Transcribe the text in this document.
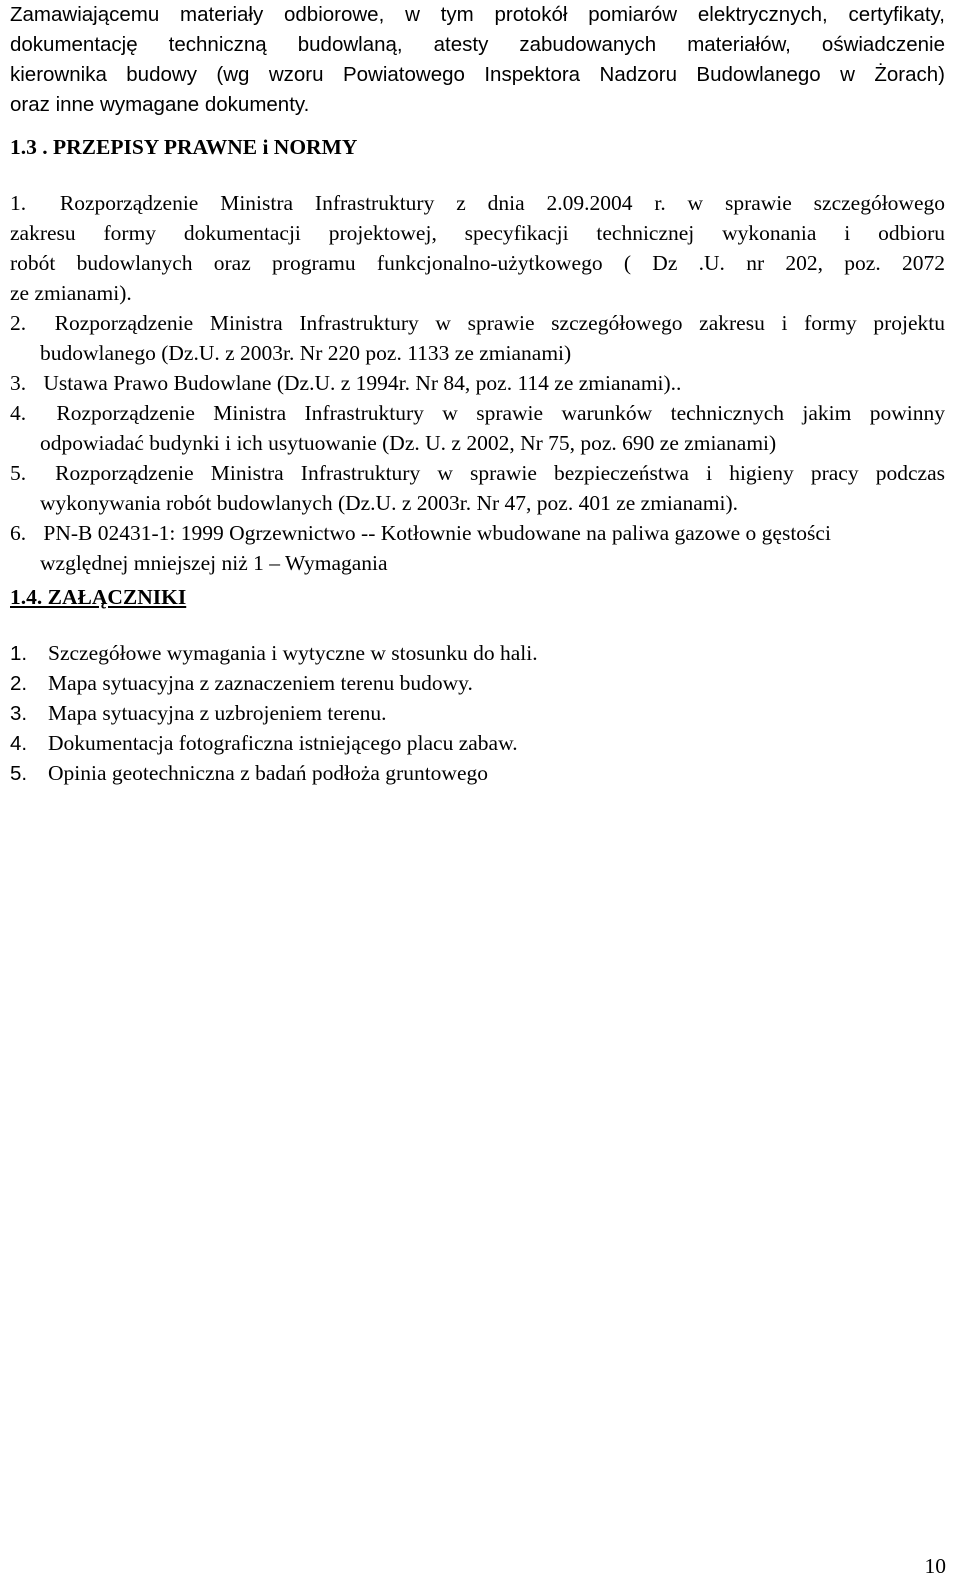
Zamawiającemu materiały odbiorowe, w tym protokół pomiarów elektrycznych, certyfikaty,
dokumentację techniczną budowlaną, atesty zabudowanych materiałów, oświadczenie
kierownika budowy (wg wzoru Powiatowego Inspektora Nadzoru Budowlanego w Żorach)
oraz inne wymagane dokumenty.
1.3 . PRZEPISY PRAWNE i NORMY
1. Rozporządzenie Ministra Infrastruktury z dnia 2.09.2004 r. w sprawie szczegółowego
zakresu formy dokumentacji projektowej, specyfikacji technicznej wykonania i odbioru
robót budowlanych oraz programu funkcjonalno-użytkowego ( Dz .U. nr 202, poz. 2072
ze zmianami).
2. Rozporządzenie Ministra Infrastruktury w sprawie szczegółowego zakresu i formy projektu
budowlanego (Dz.U. z 2003r. Nr 220 poz. 1133 ze zmianami)
3. Ustawa Prawo Budowlane (Dz.U. z 1994r. Nr 84, poz. 114 ze zmianami)..
4. Rozporządzenie Ministra Infrastruktury w sprawie warunków technicznych jakim powinny
odpowiadać budynki i ich usytuowanie (Dz. U. z 2002, Nr 75, poz. 690 ze zmianami)
5. Rozporządzenie Ministra Infrastruktury w sprawie bezpieczeństwa i higieny pracy podczas
wykonywania robót budowlanych (Dz.U. z 2003r. Nr 47, poz. 401 ze zmianami).
6. PN-B 02431-1: 1999 Ogrzewnictwo -- Kotłownie wbudowane na paliwa gazowe o gęstości
względnej mniejszej niż 1 – Wymagania
1.4. ZAŁĄCZNIKI
1. Szczegółowe wymagania i wytyczne w stosunku do hali.
2. Mapa sytuacyjna z zaznaczeniem terenu budowy.
3. Mapa sytuacyjna z uzbrojeniem terenu.
4. Dokumentacja fotograficzna istniejącego placu zabaw.
5. Opinia geotechniczna z badań podłoża gruntowego
10
